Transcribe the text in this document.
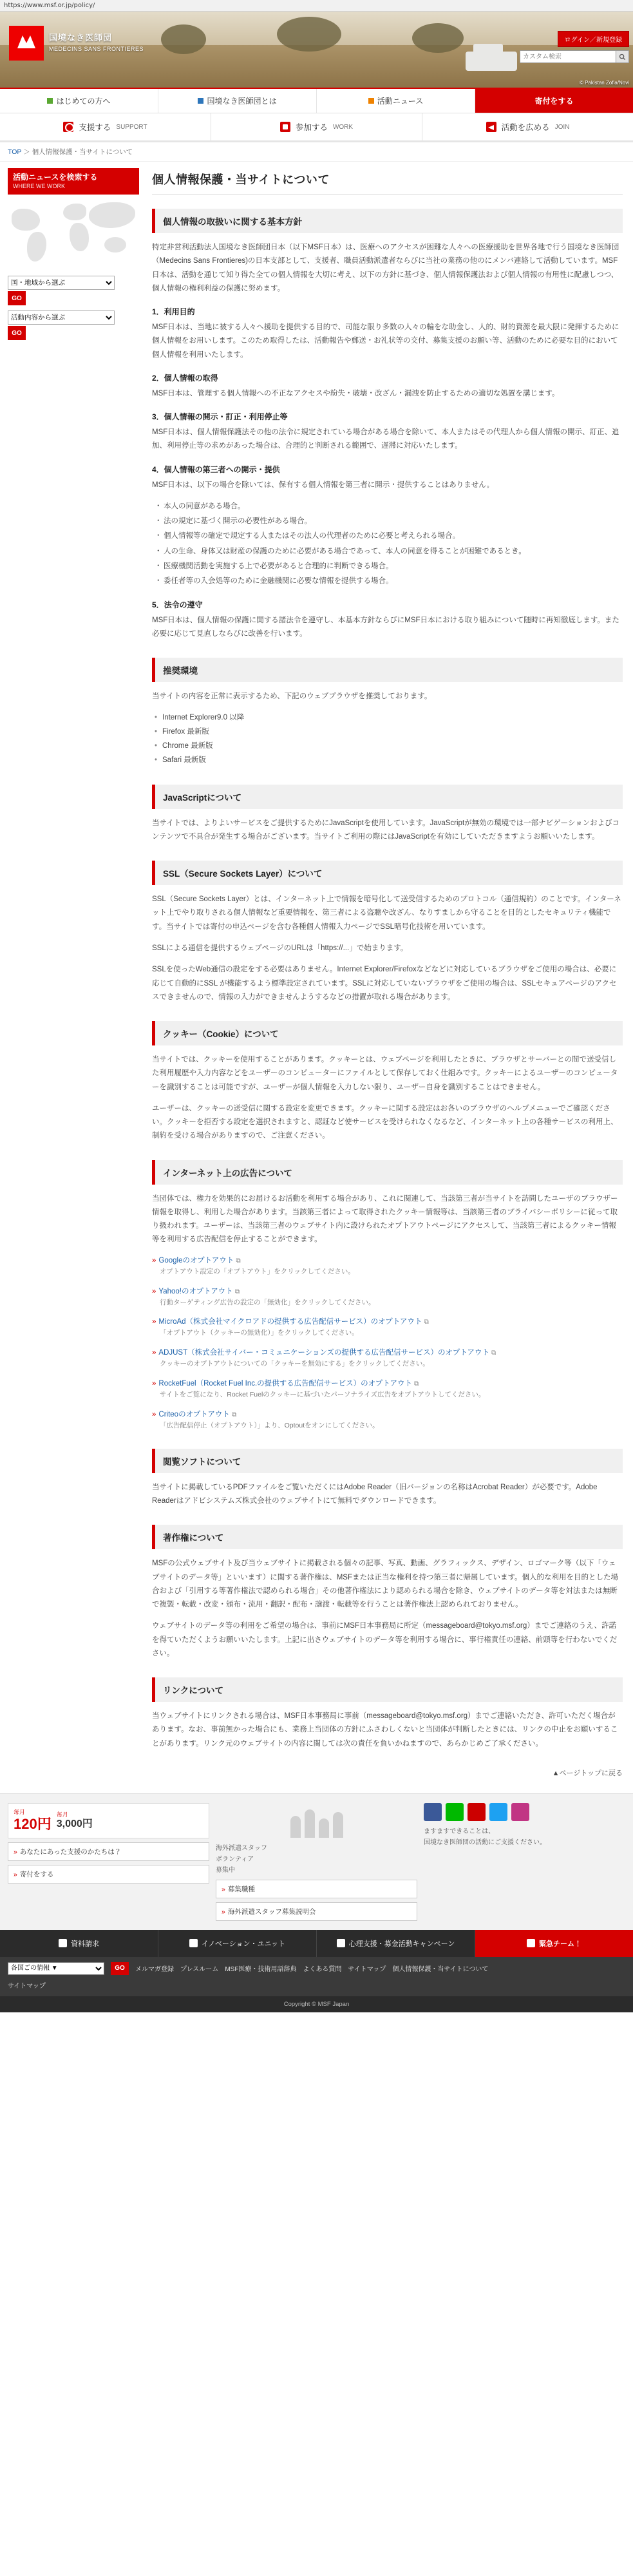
https://www.msf.or.jp/policy/
国境なき医師団
MEDECINS SANS FRONTIERES
ログイン／新規登録
カスタム検索
© Pakistan Zofia/Novi
はじめての方へ	国境なき医師団とは	活動ニュース	寄付をする
支援する SUPPORT	参加する WORK	活動を広める JOIN
TOP ＞ 個人情報保護・当サイトについて
活動ニュースを検索する
WHERE WE WORK
国・地域から選ぶ
GO
活動内容から選ぶ
GO
個人情報保護・当サイトについて
個人情報の取扱いに関する基本方針

特定非営利活動法人国境なき医師団日本（以下MSF日本）は、医療へのアクセスが困難な人々への医療援助を世界各地で行う国境なき医師団（Medecins Sans Frontieres)の日本支部として、支援者、職員活動派遣者ならびに当社の業務の他のにメンバ連絡して活動しています。MSF日本は、活動を通じて知り得た全ての個人情報を大切に考え、以下の方針に基づき、個人情報保護法および個人情報の有用性に配慮しつつ、個人情報の権利利益の保護に努めます。

1．利用目的

MSF日本は、当地に被する人々へ援助を提供する目的で、司能な限り多数の人々の輪をな助金し、人的、財的資源を最大限に発揮するために個人情報をお用いします。このため取得したは、活動報告や郵送・お礼状等の交付、募集支援のお願い等、活動のために必要な目的において個人情報を利用いたします。

2．個人情報の取得

MSF日本は、管理する個人情報への不正なアクセスや紛失・破壊・改ざん・漏洩を防止するための適切な処置を講じます。

3．個人情報の開示・訂正・利用停止等

MSF日本は、個人情報保護法その他の法令に規定されている場合がある場合を除いて、本人またはその代理人から個人情報の開示、訂正、追加、利用停止等の求めがあった場合は、合理的と判断される範囲で、遅滞に対応いたします。

4．個人情報の第三者への開示・提供

MSF日本は、以下の場合を除いては、保有する個人情報を第三者に開示・提供することはありません。

・ 本人の同意がある場合。
・ 法の規定に基づく開示の必要性がある場合。
・ 個人情報等の確定で規定する人またはその法人の代理者のために必要と考えられる場合。
・ 人の生命、身体又は財産の保護のために必要がある場合であって、本人の同意を得ることが困難であるとき。
・ 医療機関活動を実施する上で必要があると合理的に判断できる場合。
・ 委任者等の入会処等のために金融機関に必要な情報を提供する場合。
5．法令の遵守

MSF日本は、個人情報の保護に関する諸法令を遵守し、本基本方針ならびにMSF日本における取り組みについて随時に再知徹底します。また必要に応じて見直しならびに改善を行います。

推奨環境

当サイトの内容を正常に表示するため、下記のウェブブラウザを推奨しております。

• Internet Explorer9.0 以降
• Firefox 最新版
• Chrome 最新版
• Safari 最新版
JavaScriptについて

当サイトでは、よりよいサービスをご提供するためにJavaScriptを使用しています。JavaScriptが無効の環境では一部ナビゲーションおよびコンテンツで不具合が発生する場合がございます。当サイトご利用の際にはJavaScriptを有効にしていただきますようお願いいたします。

SSL（Secure Sockets Layer）について

SSL（Secure Sockets Layer）とは、インターネット上で情報を暗号化して送受信するためのプロトコル（通信規約）のことです。インターネット上でやり取りされる個人情報など重要情報を、第三者による盗聴や改ざん、なりすましから守ることを目的としたセキュリティ機能です。当サイトでは寄付の申込ページを含む各種個人情報入力ページでSSL暗号化技術を用いています。

SSLによる通信を提供するウェブページのURLは「https://...」で始まります。

SSLを使ったWeb通信の設定をする必要はありません。Internet Explorer/Firefoxなどなどに対応しているブラウザをご使用の場合は、必要に応じて自動的にSSL が機能するよう標準設定されています。SSLに対応していないブラウザをご使用の場合は、SSLセキュアページのアクセスできませんので、情報の入力ができませんようするなどの措置が取れる場合があります。

クッキー（Cookie）について

当サイトでは、クッキーを使用することがあります。クッキーとは、ウェブページを利用したときに、ブラウザとサーバーとの間で送受信した利用履歴や入力内容などをユーザーのコンピューターにファイルとして保存しておく仕組みです。クッキーによるユーザーのコンピューターを識別することは可能ですが、ユーザーが個人情報を入力しない限り、ユーザー自身を識別することはできません。

ユーザーは、クッキーの送受信に関する設定を変更できます。クッキーに関する設定はお各いのブラウザのヘルプメニューでご確認ください。クッキーを拒否する設定を選択されますと、認証など使サービスを受けられなくなるなど、インターネット上の各種サービスの利用上、制約を受ける場合がありますので、ご注意ください。

インターネット上の広告について

当団体では、権力を効果的にお届けるお活動を利用する場合があり、これに関連して、当該第三者が当サイトを訪問したユーザのブラウザー情報を取得し、利用した場合があります。当該第三者によって取得されたクッキー情報等は、当該第三者のプライバシーポリシーに従って取り扱われます。ユーザーは、当該第三者のウェブサイト内に設けられたオプトアウトページにアクセスして、当該第三者によるクッキー情報等を利用する広告配信を停止することができます。

» Googleのオプトアウト ⧉
オプトアウト設定の「オプトアウト」をクリックしてください。
» Yahoo!のオプトアウト ⧉
行動ターゲティング広告の設定の「無効化」をクリックしてください。
» MicroAd（株式会社マイクロアドの提供する広告配信サービス）のオプトアウト ⧉
「オプトアウト（クッキーの無効化）」をクリックしてください。
» ADJUST（株式会社サイバー・コミュニケーションズの提供する広告配信サービス）のオプトアウト ⧉
クッキーのオプトアウトについての「クッキーを無効にする」をクリックしてください。
» RocketFuel（Rocket Fuel Inc.の提供する広告配信サービス）のオプトアウト ⧉
サイトをご覧になり、Rocket Fuelのクッキーに基づいたパーソナライズ広告をオプトアウトしてください。
» Criteoのオプトアウト ⧉
「広告配信停止（オプトアウト）」より、Optoutをオンにしてください。
閲覧ソフトについて

当サイトに掲載しているPDFファイルをご覧いただくにはAdobe Reader（旧バージョンの名称はAcrobat Reader）が必要です。Adobe Readerはアドビシステムズ株式会社のウェブサイトにて無料でダウンロードできます。

著作権について

MSFの公式ウェブサイト及び当ウェブサイトに掲載される個々の記事、写真、動画、グラフィックス、デザイン、ロゴマーク等（以下「ウェブサイトのデータ等」といいます）に関する著作権は、MSFまたは正当な権利を持つ第三者に帰属しています。個人的な利用を目的とした場合および「引用する等著作権法で認められる場合」その他著作権法により認められる場合を除き、ウェブサイトのデータ等を対法または無断で複製・転載・改変・頒布・流用・翻訳・配布・譲渡・転載等を行うことは著作権法上認められておりません。

ウェブサイトのデータ等の利用をご希望の場合は、事前にMSF日本事務局に所定（messageboard@tokyo.msf.org）までご連絡のうえ、許諾を得ていただくようお願いいたします。上記に出さウェブサイトのデータ等を利用する場合に、事行権責任の連絡、前頭等を行わないでください。

リンクについて

当ウェブサイトにリンクされる場合は、MSF日本事務局に事前（messageboard@tokyo.msf.org）までご連絡いただき、許可いただく場合があります。なお、事前無かった場合にも、業務上当団体の方針にふさわしくないと当団体が判断したときには、リンクの中止をお願いすることがあります。リンク元のウェブサイトの内容に関しては次の責任を負いかねますので、あらかじめご了承ください。

▲ページトップに戻る
毎月
120円
毎月
3,000円
» あなたにあった支援のかたちは？
» 寄付をする
海外派遣スタッフ
ボランティア
募集中
» 募集職種
» 海外派遣スタッフ募集説明会
ますますできることは、
国境なき医師団の活動にご支援ください。
資料請求	イノベーション・ユニット	心理支援・募金活動キャンペーン	緊急チーム！
各国ごの情報 ▼
GO	メルマガ登録 プレスルーム MSF医療・技術用語辞典 よくある質問 サイトマップ 個人情報保護・当サイトについて
サイトマップ
Copyright © MSF Japan
